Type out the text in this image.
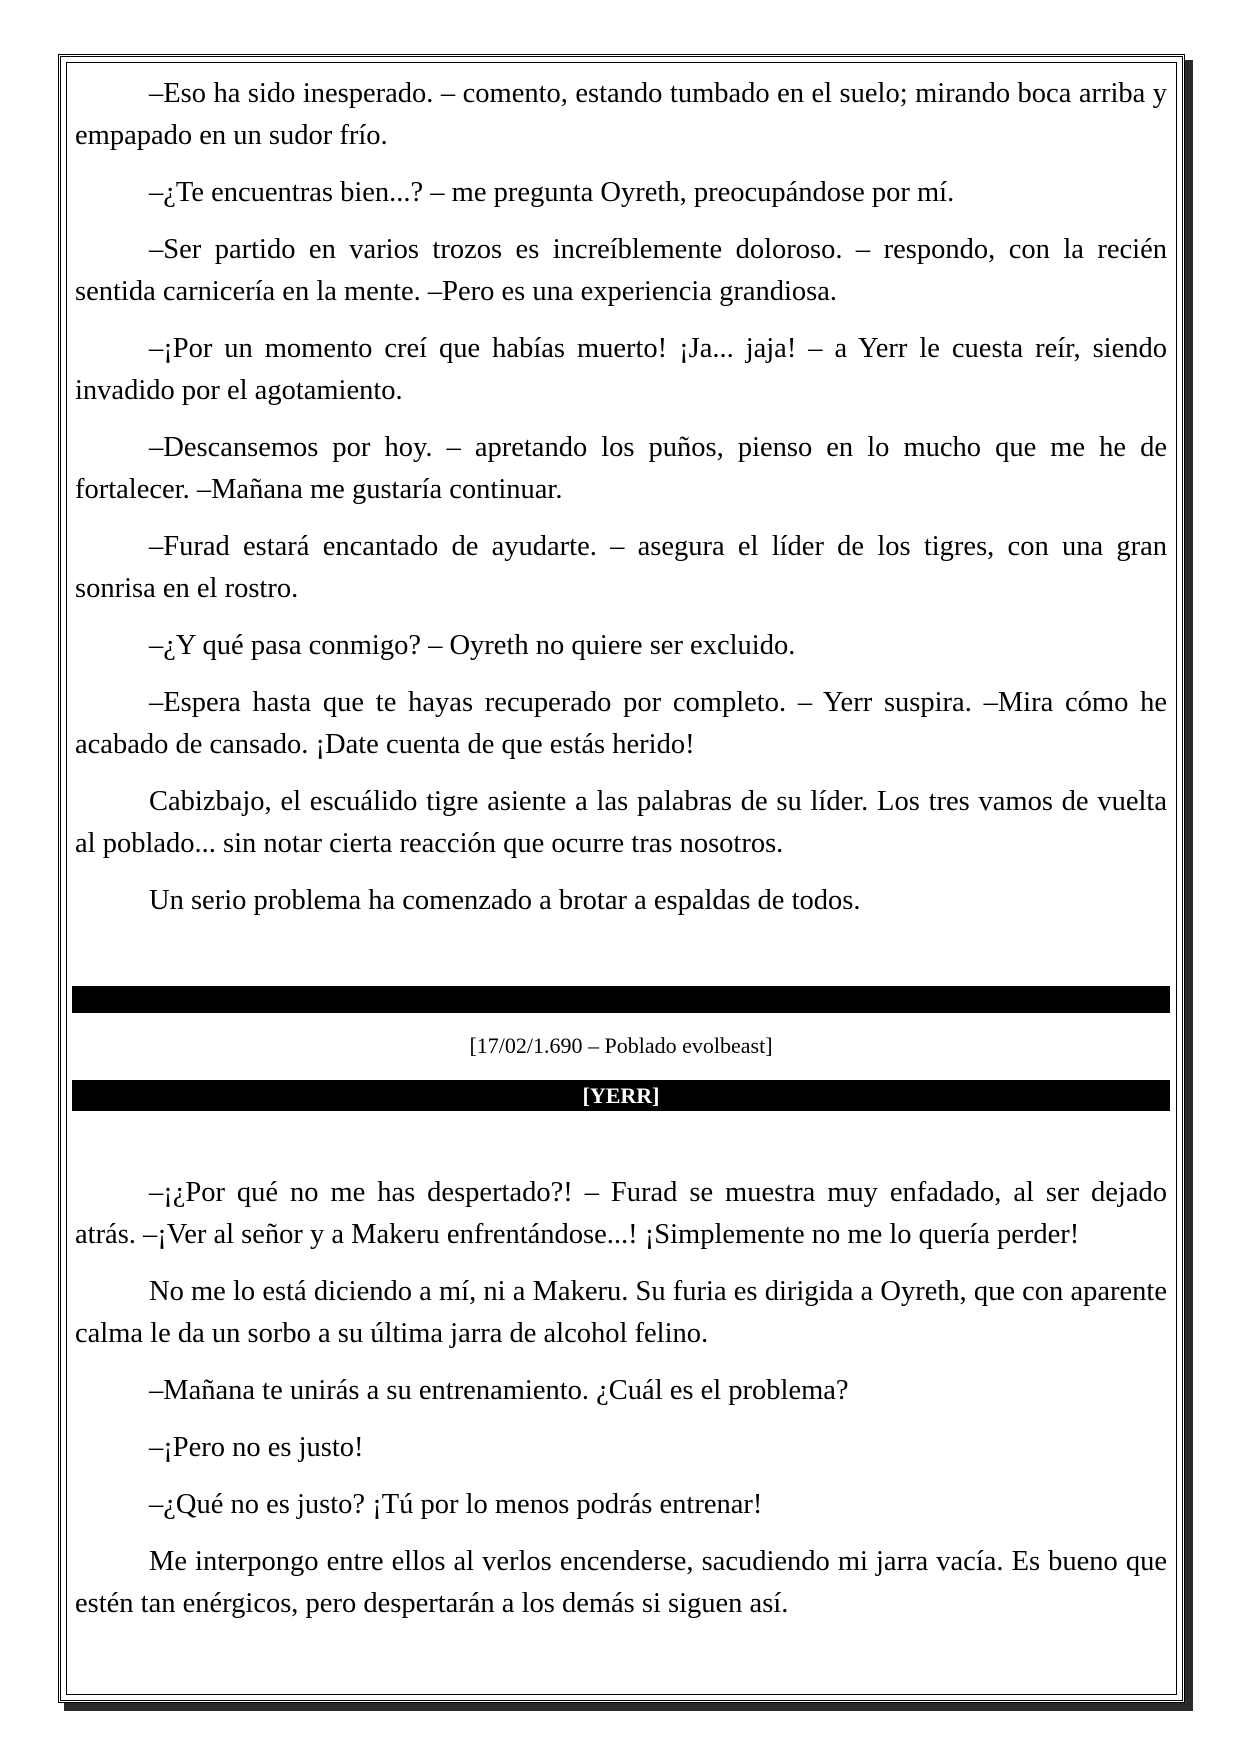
–Eso ha sido inesperado. – comento, estando tumbado en el suelo; mirando boca arriba y empapado en un sudor frío.

–¿Te encuentras bien...? – me pregunta Oyreth, preocupándose por mí.

–Ser partido en varios trozos es increíblemente doloroso. – respondo, con la recién sentida carnicería en la mente. –Pero es una experiencia grandiosa.

–¡Por un momento creí que habías muerto! ¡Ja... jaja! – a Yerr le cuesta reír, siendo invadido por el agotamiento.

–Descansemos por hoy. – apretando los puños, pienso en lo mucho que me he de fortalecer. –Mañana me gustaría continuar.

–Furad estará encantado de ayudarte. – asegura el líder de los tigres, con una gran sonrisa en el rostro.

–¿Y qué pasa conmigo? – Oyreth no quiere ser excluido.

–Espera hasta que te hayas recuperado por completo. – Yerr suspira. –Mira cómo he acabado de cansado. ¡Date cuenta de que estás herido!

Cabizbajo, el escuálido tigre asiente a las palabras de su líder. Los tres vamos de vuelta al poblado... sin notar cierta reacción que ocurre tras nosotros.

Un serio problema ha comenzado a brotar a espaldas de todos.

[17/02/1.690 – Poblado evolbeast]
[YERR]

–¡¿Por qué no me has despertado?! – Furad se muestra muy enfadado, al ser dejado atrás. –¡Ver al señor y a Makeru enfrentándose...! ¡Simplemente no me lo quería perder!

No me lo está diciendo a mí, ni a Makeru. Su furia es dirigida a Oyreth, que con aparente calma le da un sorbo a su última jarra de alcohol felino.

–Mañana te unirás a su entrenamiento. ¿Cuál es el problema?

–¡Pero no es justo!

–¿Qué no es justo? ¡Tú por lo menos podrás entrenar!

Me interpongo entre ellos al verlos encenderse, sacudiendo mi jarra vacía. Es bueno que estén tan enérgicos, pero despertarán a los demás si siguen así.
